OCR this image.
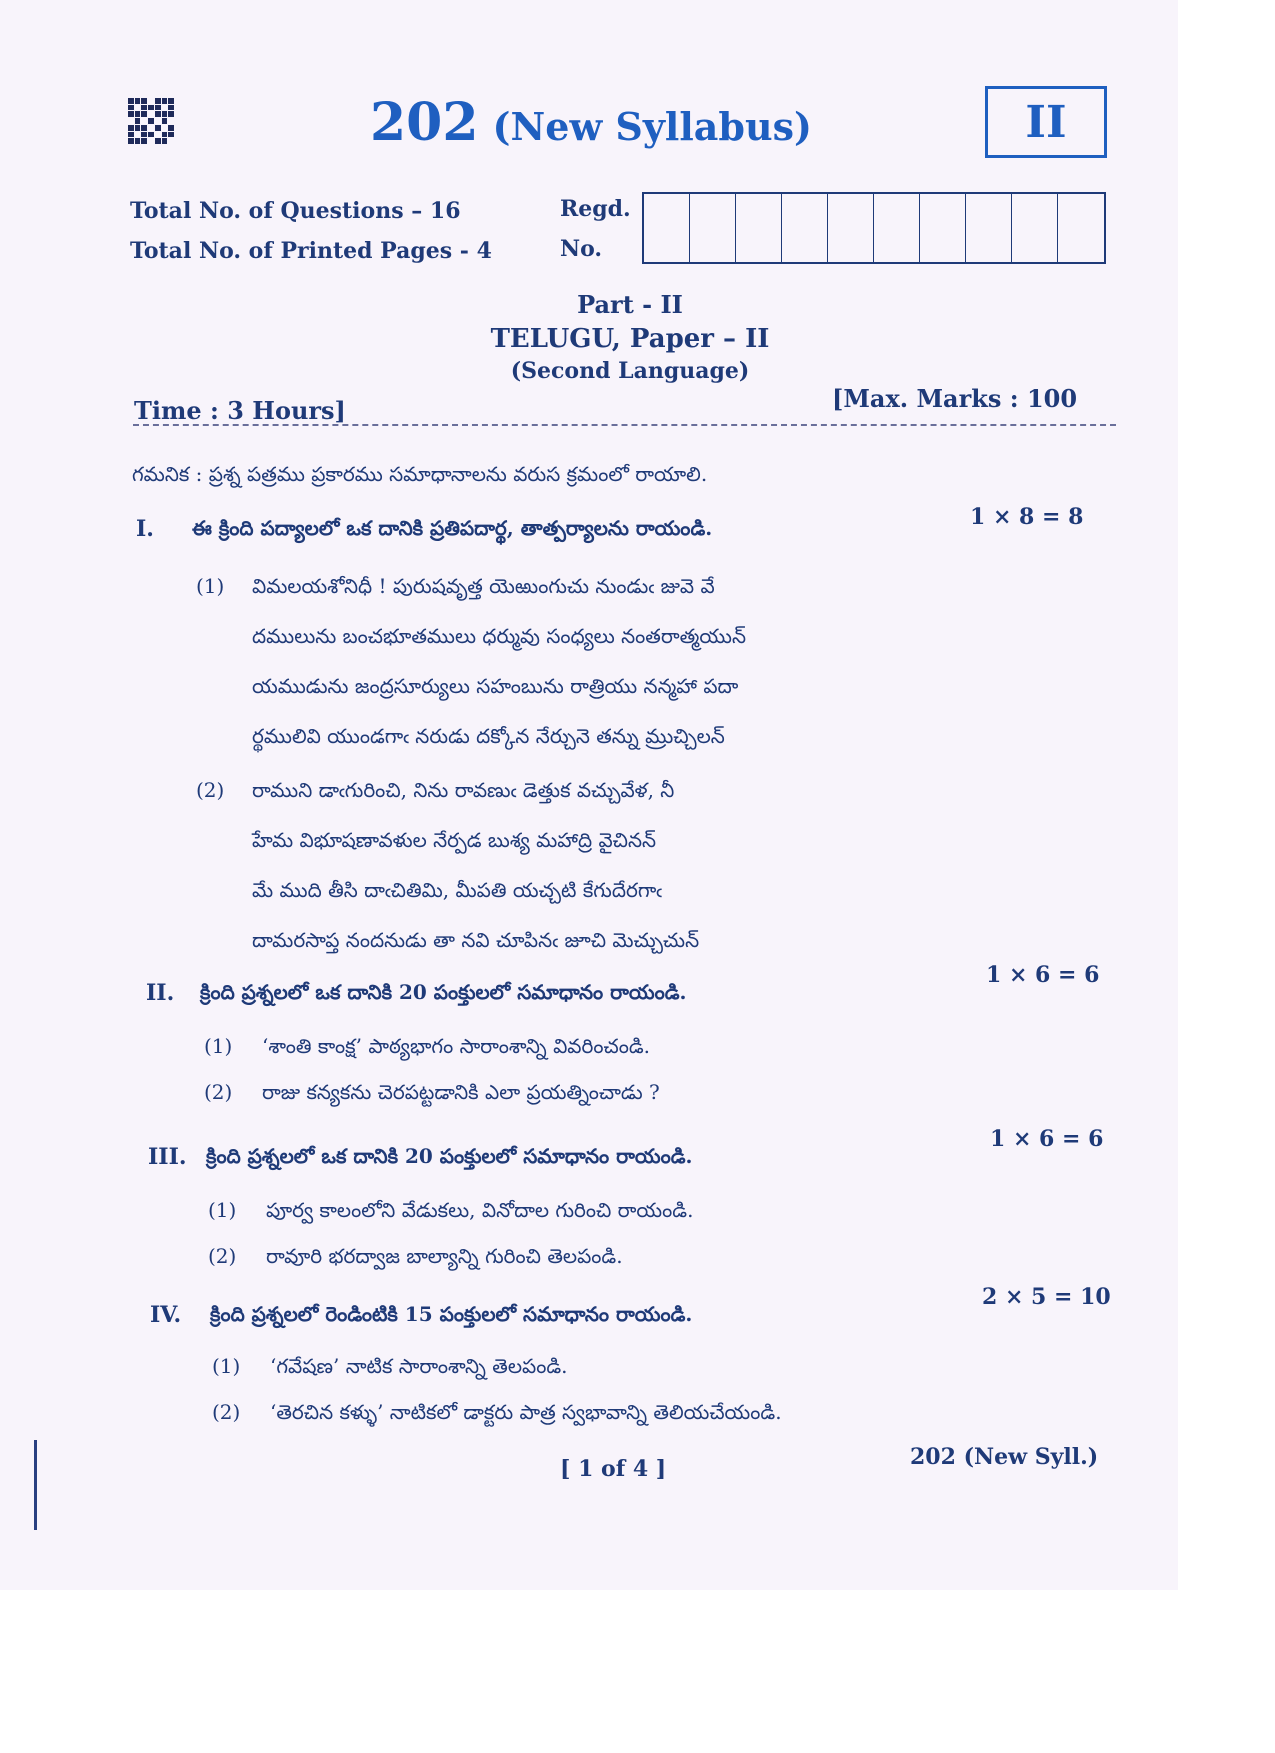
202 (New Syllabus)	II
Total No. of Questions – 16
Total No. of Printed Pages - 4
Regd.
No.
Part - II
TELUGU, Paper – II
(Second Language)
Time : 3 Hours]	[Max. Marks : 100
గమనిక : ప్రశ్న పత్రము ప్రకారము సమాధానాలను వరుస క్రమంలో రాయాలి.
I. ఈ క్రింది పద్యాలలో ఒక దానికి ప్రతిపదార్థ, తాత్పర్యాలను రాయండి.	1 × 8 = 8
(1) విమలయశోనిధీ ! పురుషవృత్త యెఱుంగుచు నుండుఁ జువె వే
దములును బంచభూతములు ధర్మువు సంధ్యలు నంతరాత్మయున్
యముడును జంద్రసూర్యులు సహంబును రాత్రియు నన్మహా పదా
ర్థములివి యుండగాఁ నరుడు దక్కోన నేర్చునె తన్ను మ్రుచ్చిలన్
(2) రాముని డాఁగురించి, నిను రావణుఁ డెత్తుక వచ్చువేళ, నీ
హేమ విభూషణావళుల నేర్పడ బుశ్య మహాద్రి వైచినన్
మే ముది తీసి దాఁచితిమి, మీపతి యచ్చటి కేగుదేరగాఁ
దామరసాప్త నందనుడు తా నవి చూపినఁ జూచి మెచ్చుచున్
II. క్రింది ప్రశ్నలలో ఒక దానికి 20 పంక్తులలో సమాధానం రాయండి.
1 × 6 = 6
(1) ‘శాంతి కాంక్ష’ పాఠ్యభాగం సారాంశాన్ని వివరించండి.
(2) రాజు కన్యకను చెరపట్టడానికి ఎలా ప్రయత్నించాడు ?
III. క్రింది ప్రశ్నలలో ఒక దానికి 20 పంక్తులలో సమాధానం రాయండి.
1 × 6 = 6
(1) పూర్వ కాలంలోని వేడుకలు, వినోదాల గురించి రాయండి.
(2) రావూరి భరద్వాజ బాల్యాన్ని గురించి తెలపండి.
IV. క్రింది ప్రశ్నలలో రెండింటికి 15 పంక్తులలో సమాధానం రాయండి.
2 × 5 = 10
(1) ‘గవేషణ’ నాటిక సారాంశాన్ని తెలపండి.
(2) ‘తెరచిన కళ్ళు’ నాటికలో డాక్టరు పాత్ర స్వభావాన్ని తెలియచేయండి.
[ 1 of 4 ]	202 (New Syll.)
